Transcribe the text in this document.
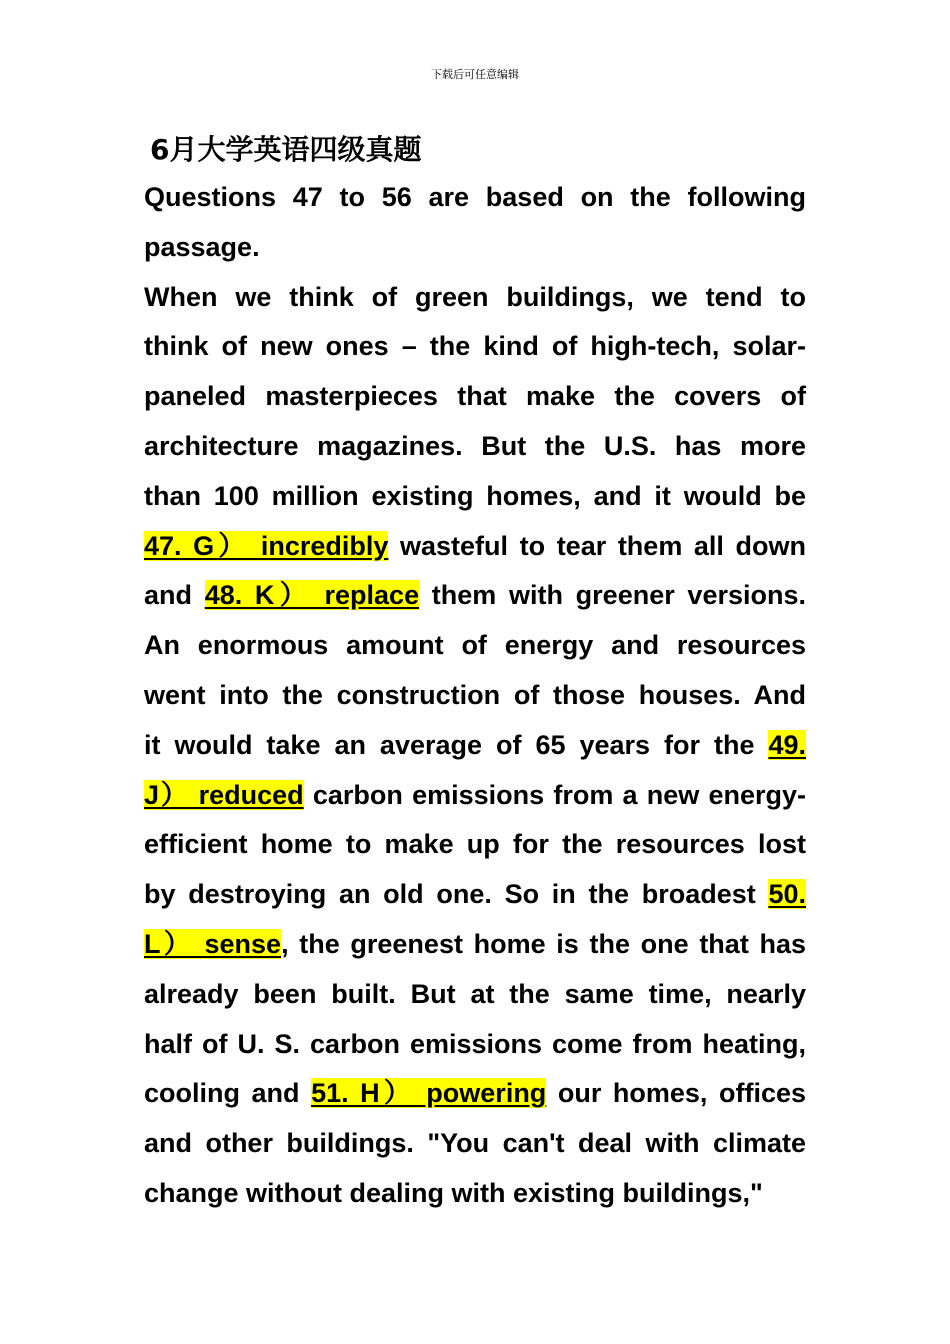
下载后可任意编辑
6月大学英语四级真题
Questions 47 to 56 are based on the following
passage.
When we think of green buildings, we tend to
think of new ones – the kind of high-tech, solar-
paneled masterpieces that make the covers of
architecture magazines. But the U.S. has more
than 100 million existing homes, and it would be
47. G） incredibly wasteful to tear them all down
and 48. K） replace them with greener versions.
An enormous amount of energy and resources
went into the construction of those houses. And
it would take an average of 65 years for the 49.
J） reduced carbon emissions from a new energy-
efficient home to make up for the resources lost
by destroying an old one. So in the broadest 50.
L） sense, the greenest home is the one that has
already been built. But at the same time, nearly
half of U. S. carbon emissions come from heating,
cooling and 51. H） powering our homes, offices
and other buildings. "You can't deal with climate
change without dealing with existing buildings,"
